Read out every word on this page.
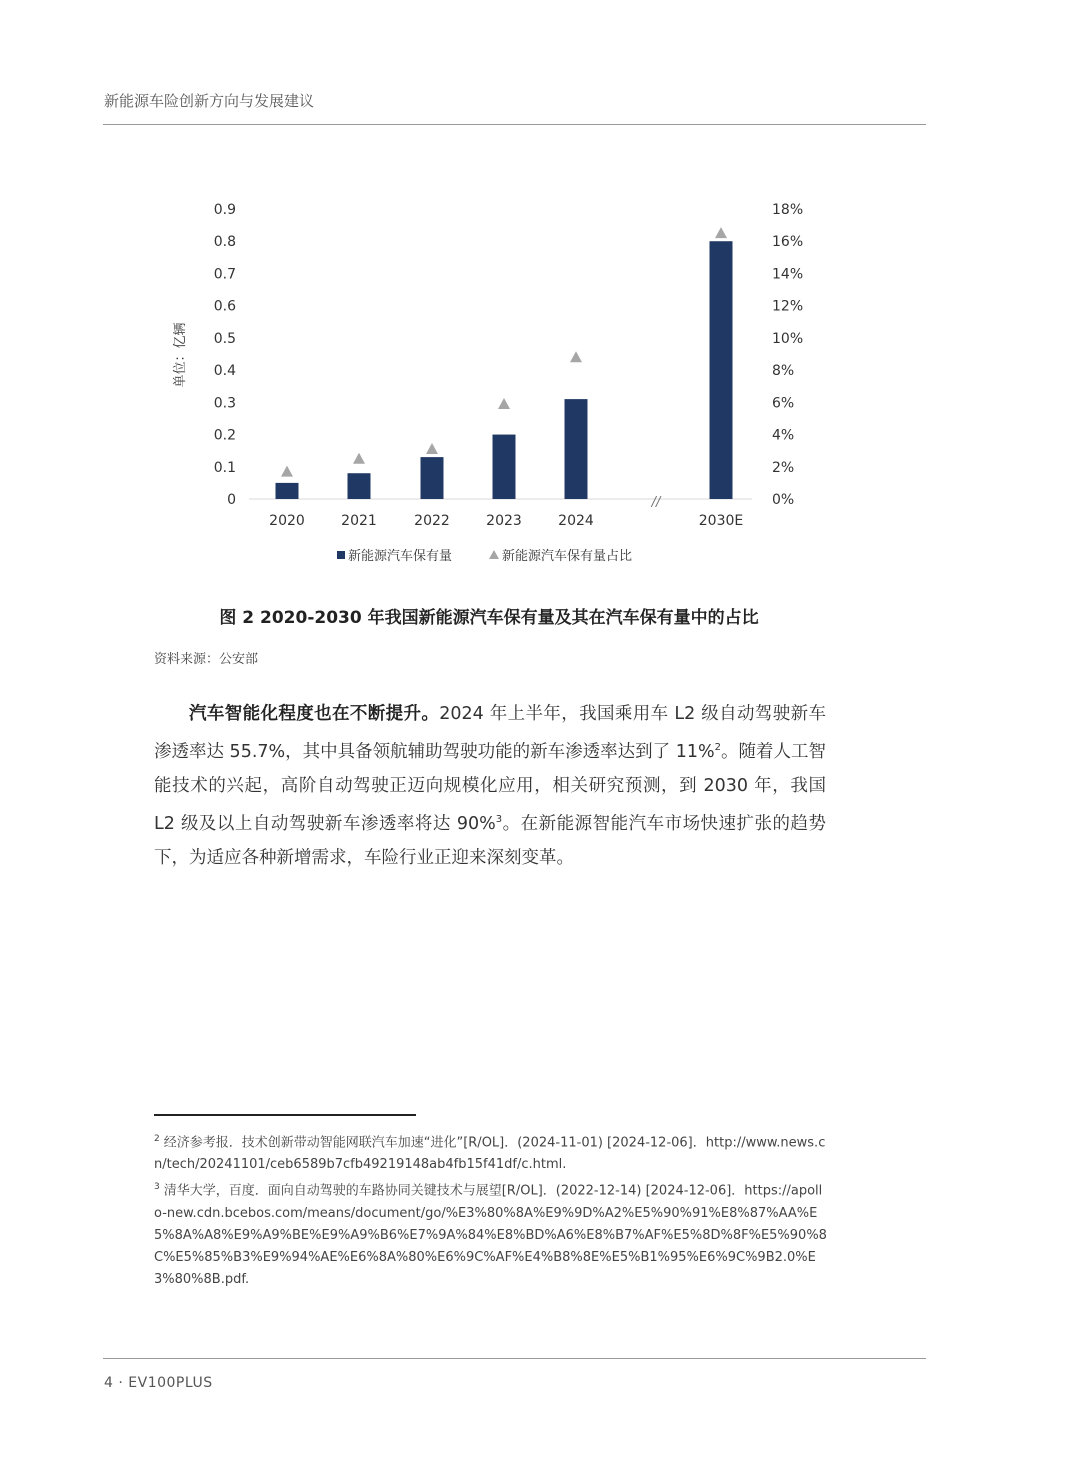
新能源车险创新方向与发展建议
单位：亿辆
//
0
0.1
0.2
0.3
0.4
0.5
0.6
0.7
0.8
0.9
0%
2%
4%
6%
8%
10%
12%
14%
16%
18%
2020	2021	2022	2023	2024	2030E
新能源汽车保有量	新能源汽车保有量占比
图 2 2020-2030 年我国新能源汽车保有量及其在汽车保有量中的占比
资料来源：公安部

汽车智能化程度也在不断提升。2024 年上半年，我国乘用车 L2 级自动驾驶新车渗透率达 55.7%，其中具备领航辅助驾驶功能的新车渗透率达到了 11%$^2$。随着人工智能技术的兴起，高阶自动驾驶正迈向规模化应用，相关研究预测，到 2030 年，我国 L2 级及以上自动驾驶新车渗透率将达 90%$^3$。在新能源智能汽车市场快速扩张的趋势下，为适应各种新增需求，车险行业正迎来深刻变革。

$^2$ 经济参考报．技术创新带动智能网联汽车加速“进化”[R/OL]．(2024-11-01) [2024-12-06]．http://www.news.cn/tech/20241101/ceb6589b7cfb49219148ab4fb15f41df/c.html.

$^3$ 清华大学，百度．面向自动驾驶的车路协同关键技术与展望[R/OL]．(2022-12-14) [2024-12-06]．https://apollo-new.cdn.bcebos.com/means/document/go/%E3%80%8A%E9%9D%A2%E5%90%91%E8%87%AA%E5%8A%A8%E9%A9%BE%E9%A9%B6%E7%9A%84%E8%BD%A6%E8%B7%AF%E5%8D%8F%E5%90%8C%E5%85%B3%E9%94%AE%E6%8A%80%E6%9C%AF%E4%B8%8E%E5%B1%95%E6%9C%9B2.0%E3%80%8B.pdf.

4 · EV100PLUS
